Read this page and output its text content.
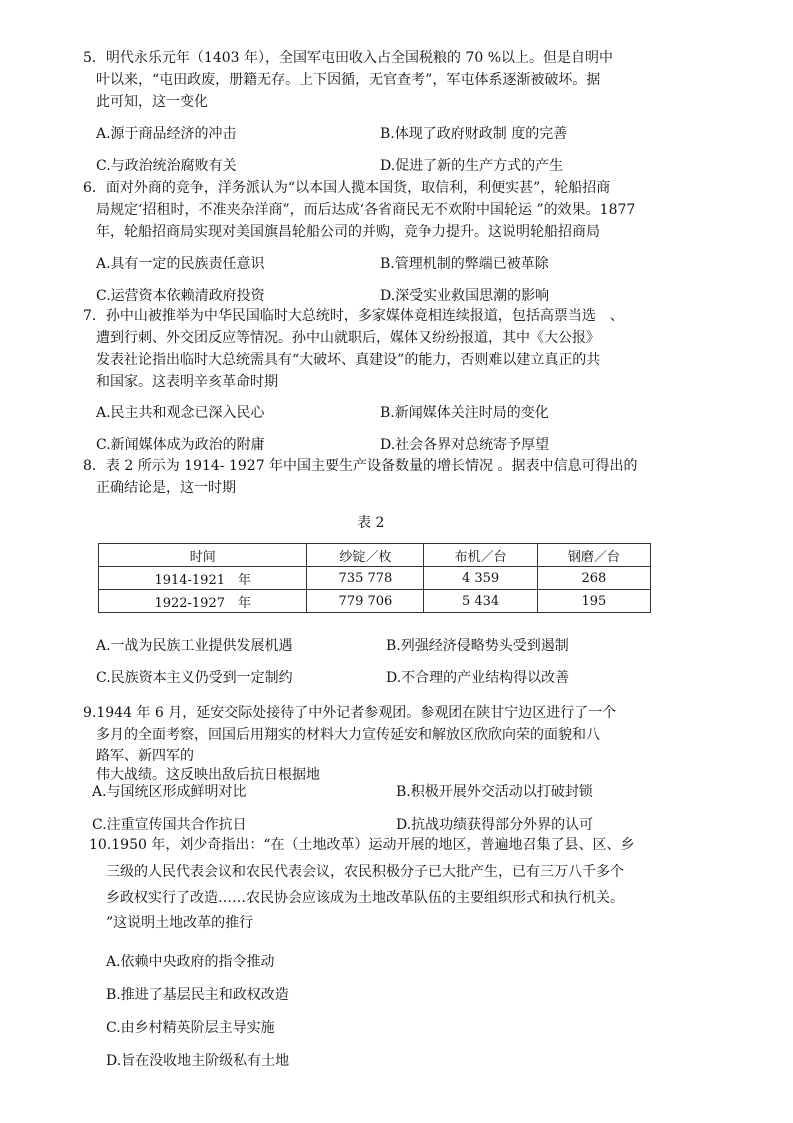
5．明代永乐元年（1403 年），全国军屯田收入占全国税粮的 70 %以上。但是自明中
叶以来，“屯田政废，册籍无存。上下因循，无官查考”，军屯体系逐渐被破坏。据
此可知，这一变化
A.源于商品经济的冲击	B.体现了政府财政制 度的完善
C.与政治统治腐败有关	D.促进了新的生产方式的产生
6．面对外商的竞争，洋务派认为“以本国人揽本国货，取信利，利便实甚”，轮船招商
局规定‘招租时，不准夹杂洋商”，而后达成‘各省商民无不欢附中国轮运 ”的效果。1877
年，轮船招商局实现对美国旗昌轮船公司的并购，竞争力提升。这说明轮船招商局
A.具有一定的民族责任意识	B.管理机制的弊端已被革除
C.运营资本依赖清政府投资	D.深受实业救国思潮的影响
7．孙中山被推举为中华民国临时大总统时，多家媒体竟相连续报道，包括高票当选　、
遭到行刺、外交团反应等情况。孙中山就职后，媒体又纷纷报道，其中《大公报》
发表社论指出临时大总统需具有“大破坏、真建设”的能力，否则难以建立真正的共
和国家。这表明辛亥革命时期
A.民主共和观念已深入民心	B.新闻媒体关注时局的变化
C.新闻媒体成为政治的附庸	D.社会各界对总统寄予厚望
8．表 2 所示为 1914- 1927 年中国主要生产设备数量的增长情况 。据表中信息可得出的
正确结论是，这一时期
表 2
时间	纱锭／枚	布机／台	钢磨／台
1914-1921　年	735 778	4 359	268
1922-1927　年	779 706	5 434	195
A.一战为民族工业提供发展机遇	B.列强经济侵略势头受到遏制
C.民族资本主义仍受到一定制约	D.不合理的产业结构得以改善
9.1944 年 6 月，延安交际处接待了中外记者参观团。参观团在陕甘宁边区进行了一个
多月的全面考察，回国后用翔实的材料大力宣传延安和解放区欣欣向荣的面貌和八
路军、新四军的
伟大战绩。这反映出敌后抗日根据地
A.与国统区形成鲜明对比	B.积极开展外交活动以打破封锁
C.注重宣传国共合作抗日	D.抗战功绩获得部分外界的认可
10.1950 年，刘少奇指出：“在（土地改革）运动开展的地区，普遍地召集了县、区、乡
三级的人民代表会议和农民代表会议，农民积极分子已大批产生，已有三万八千多个
乡政权实行了改造……农民协会应该成为土地改革队伍的主要组织形式和执行机关。
”这说明土地改革的推行
A.依赖中央政府的指令推动
B.推进了基层民主和政权改造
C.由乡村精英阶层主导实施
D.旨在没收地主阶级私有土地
